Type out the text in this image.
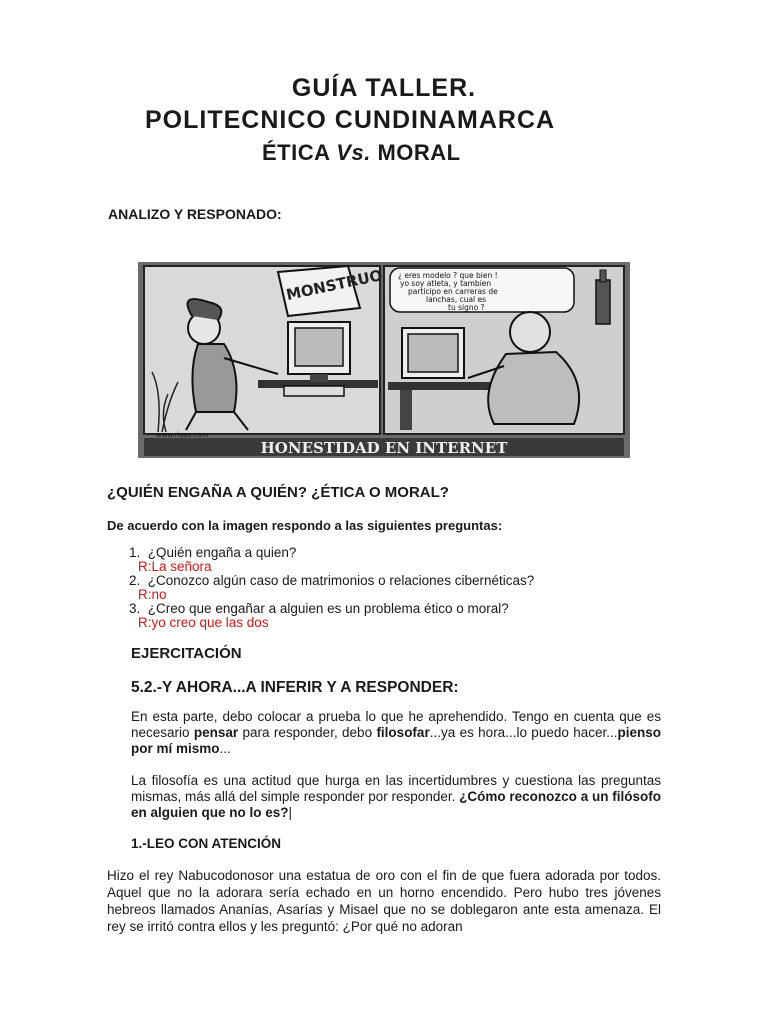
GUÍA TALLER.
POLITECNICO CUNDINAMARCA
ÉTICA Vs. MORAL
ANALIZO Y RESPONADO:
MONSTRUO ¿ eres modelo ? que bien ! yo soy atleta, y tambien participo en carreras de lanchas, cual es tu signo ?
www.risas.com
HONESTIDAD EN INTERNET
¿QUIÉN ENGAÑA A QUIÉN? ¿ÉTICA O MORAL?
De acuerdo con la imagen respondo a las siguientes preguntas:
1. ¿Quién engaña a quien?
R:La señora
2. ¿Conozco algún caso de matrimonios o relaciones cibernéticas?
R:no
3. ¿Creo que engañar a alguien es un problema ético o moral?
R:yo creo que las dos
EJERCITACIÓN
5.2.-Y AHORA...A INFERIR Y A RESPONDER:
En esta parte, debo colocar a prueba lo que he aprehendido. Tengo en cuenta que es necesario pensar para responder, debo filosofar...ya es hora...lo puedo hacer...pienso por mí mismo...
La filosofía es una actitud que hurga en las incertidumbres y cuestiona las preguntas mismas, más allá del simple responder por responder. ¿Cómo reconozco a un filósofo en alguien que no lo es?|
1.-LEO CON ATENCIÓN
Hizo el rey Nabucodonosor una estatua de oro con el fin de que fuera adorada por todos. Aquel que no la adorara sería echado en un horno encendido. Pero hubo tres jóvenes hebreos llamados Ananías, Asarías y Misael que no se doblegaron ante esta amenaza. El rey se irritó contra ellos y les preguntó: ¿Por qué no adoran
